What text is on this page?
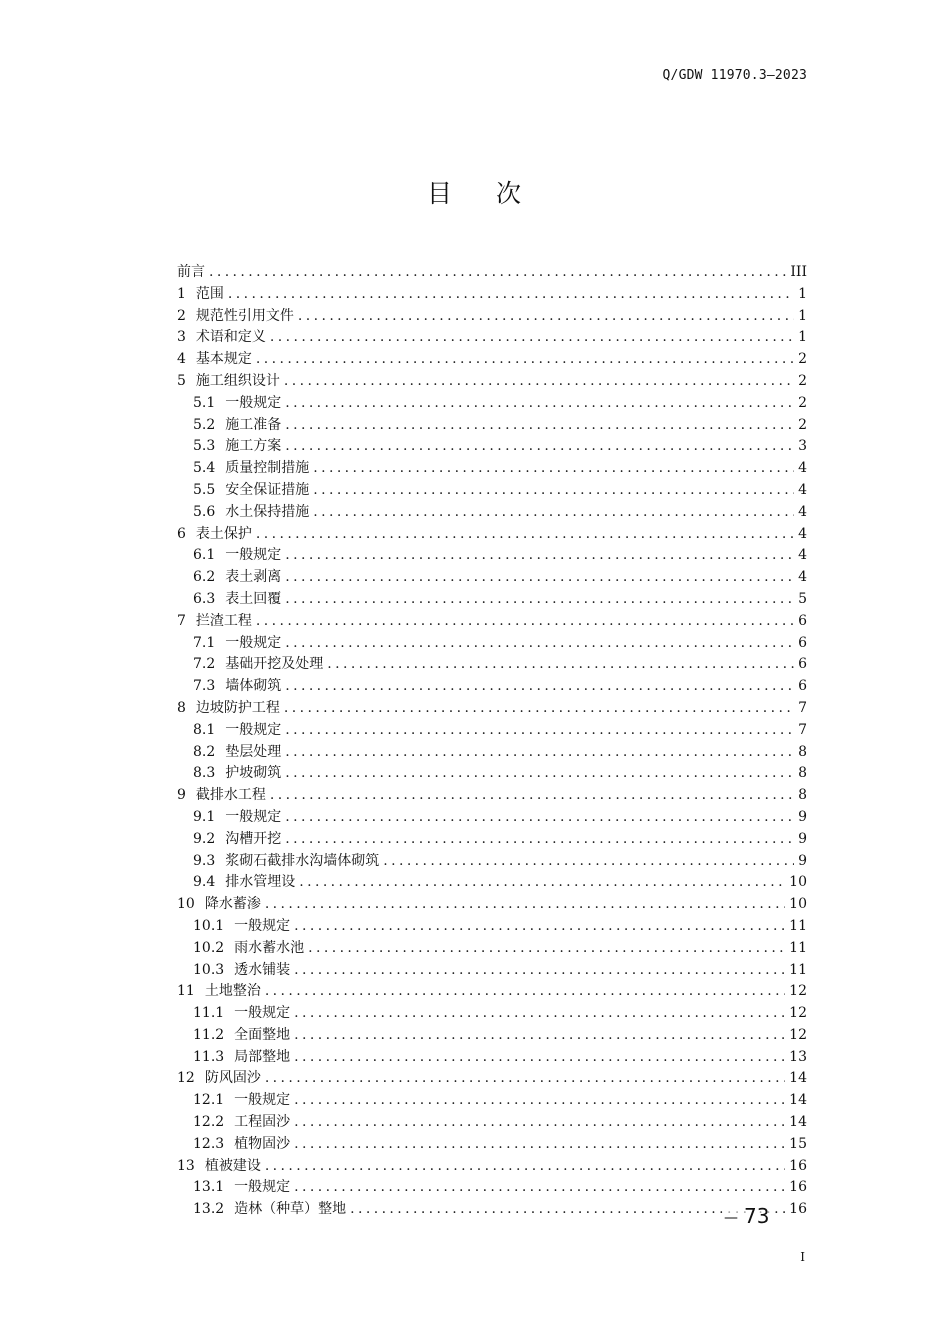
Q/GDW 11970.3—2023
目 次
前言 .....	III
1 范围 .....	1
2 规范性引用文件 .....	1
3 术语和定义 .....	1
4 基本规定 .....	2
5 施工组织设计 .....	2
5.1 一般规定 .....	2
5.2 施工准备 .....	2
5.3 施工方案 .....	3
5.4 质量控制措施 .....	4
5.5 安全保证措施 .....	4
5.6 水土保持措施 .....	4
6 表土保护 .....	4
6.1 一般规定 .....	4
6.2 表土剥离 .....	4
6.3 表土回覆 .....	5
7 拦渣工程 .....	6
7.1 一般规定 .....	6
7.2 基础开挖及处理 .....	6
7.3 墙体砌筑 .....	6
8 边坡防护工程 .....	7
8.1 一般规定 .....	7
8.2 垫层处理 .....	8
8.3 护坡砌筑 .....	8
9 截排水工程 .....	8
9.1 一般规定 .....	9
9.2 沟槽开挖 .....	9
9.3 浆砌石截排水沟墙体砌筑 .....	9
9.4 排水管埋设 .....	10
10 降水蓄渗 .....	10
10.1 一般规定 .....	11
10.2 雨水蓄水池 .....	11
10.3 透水铺装 .....	11
11 土地整治 .....	12
11.1 一般规定 .....	12
11.2 全面整地 .....	12
11.3 局部整地 .....	13
12 防风固沙 .....	14
12.1 一般规定 .....	14
12.2 工程固沙 .....	14
12.3 植物固沙 .....	15
13 植被建设 .....	16
13.1 一般规定 .....	16
13.2 造林（种草）整地 .....	16
— 73
I
